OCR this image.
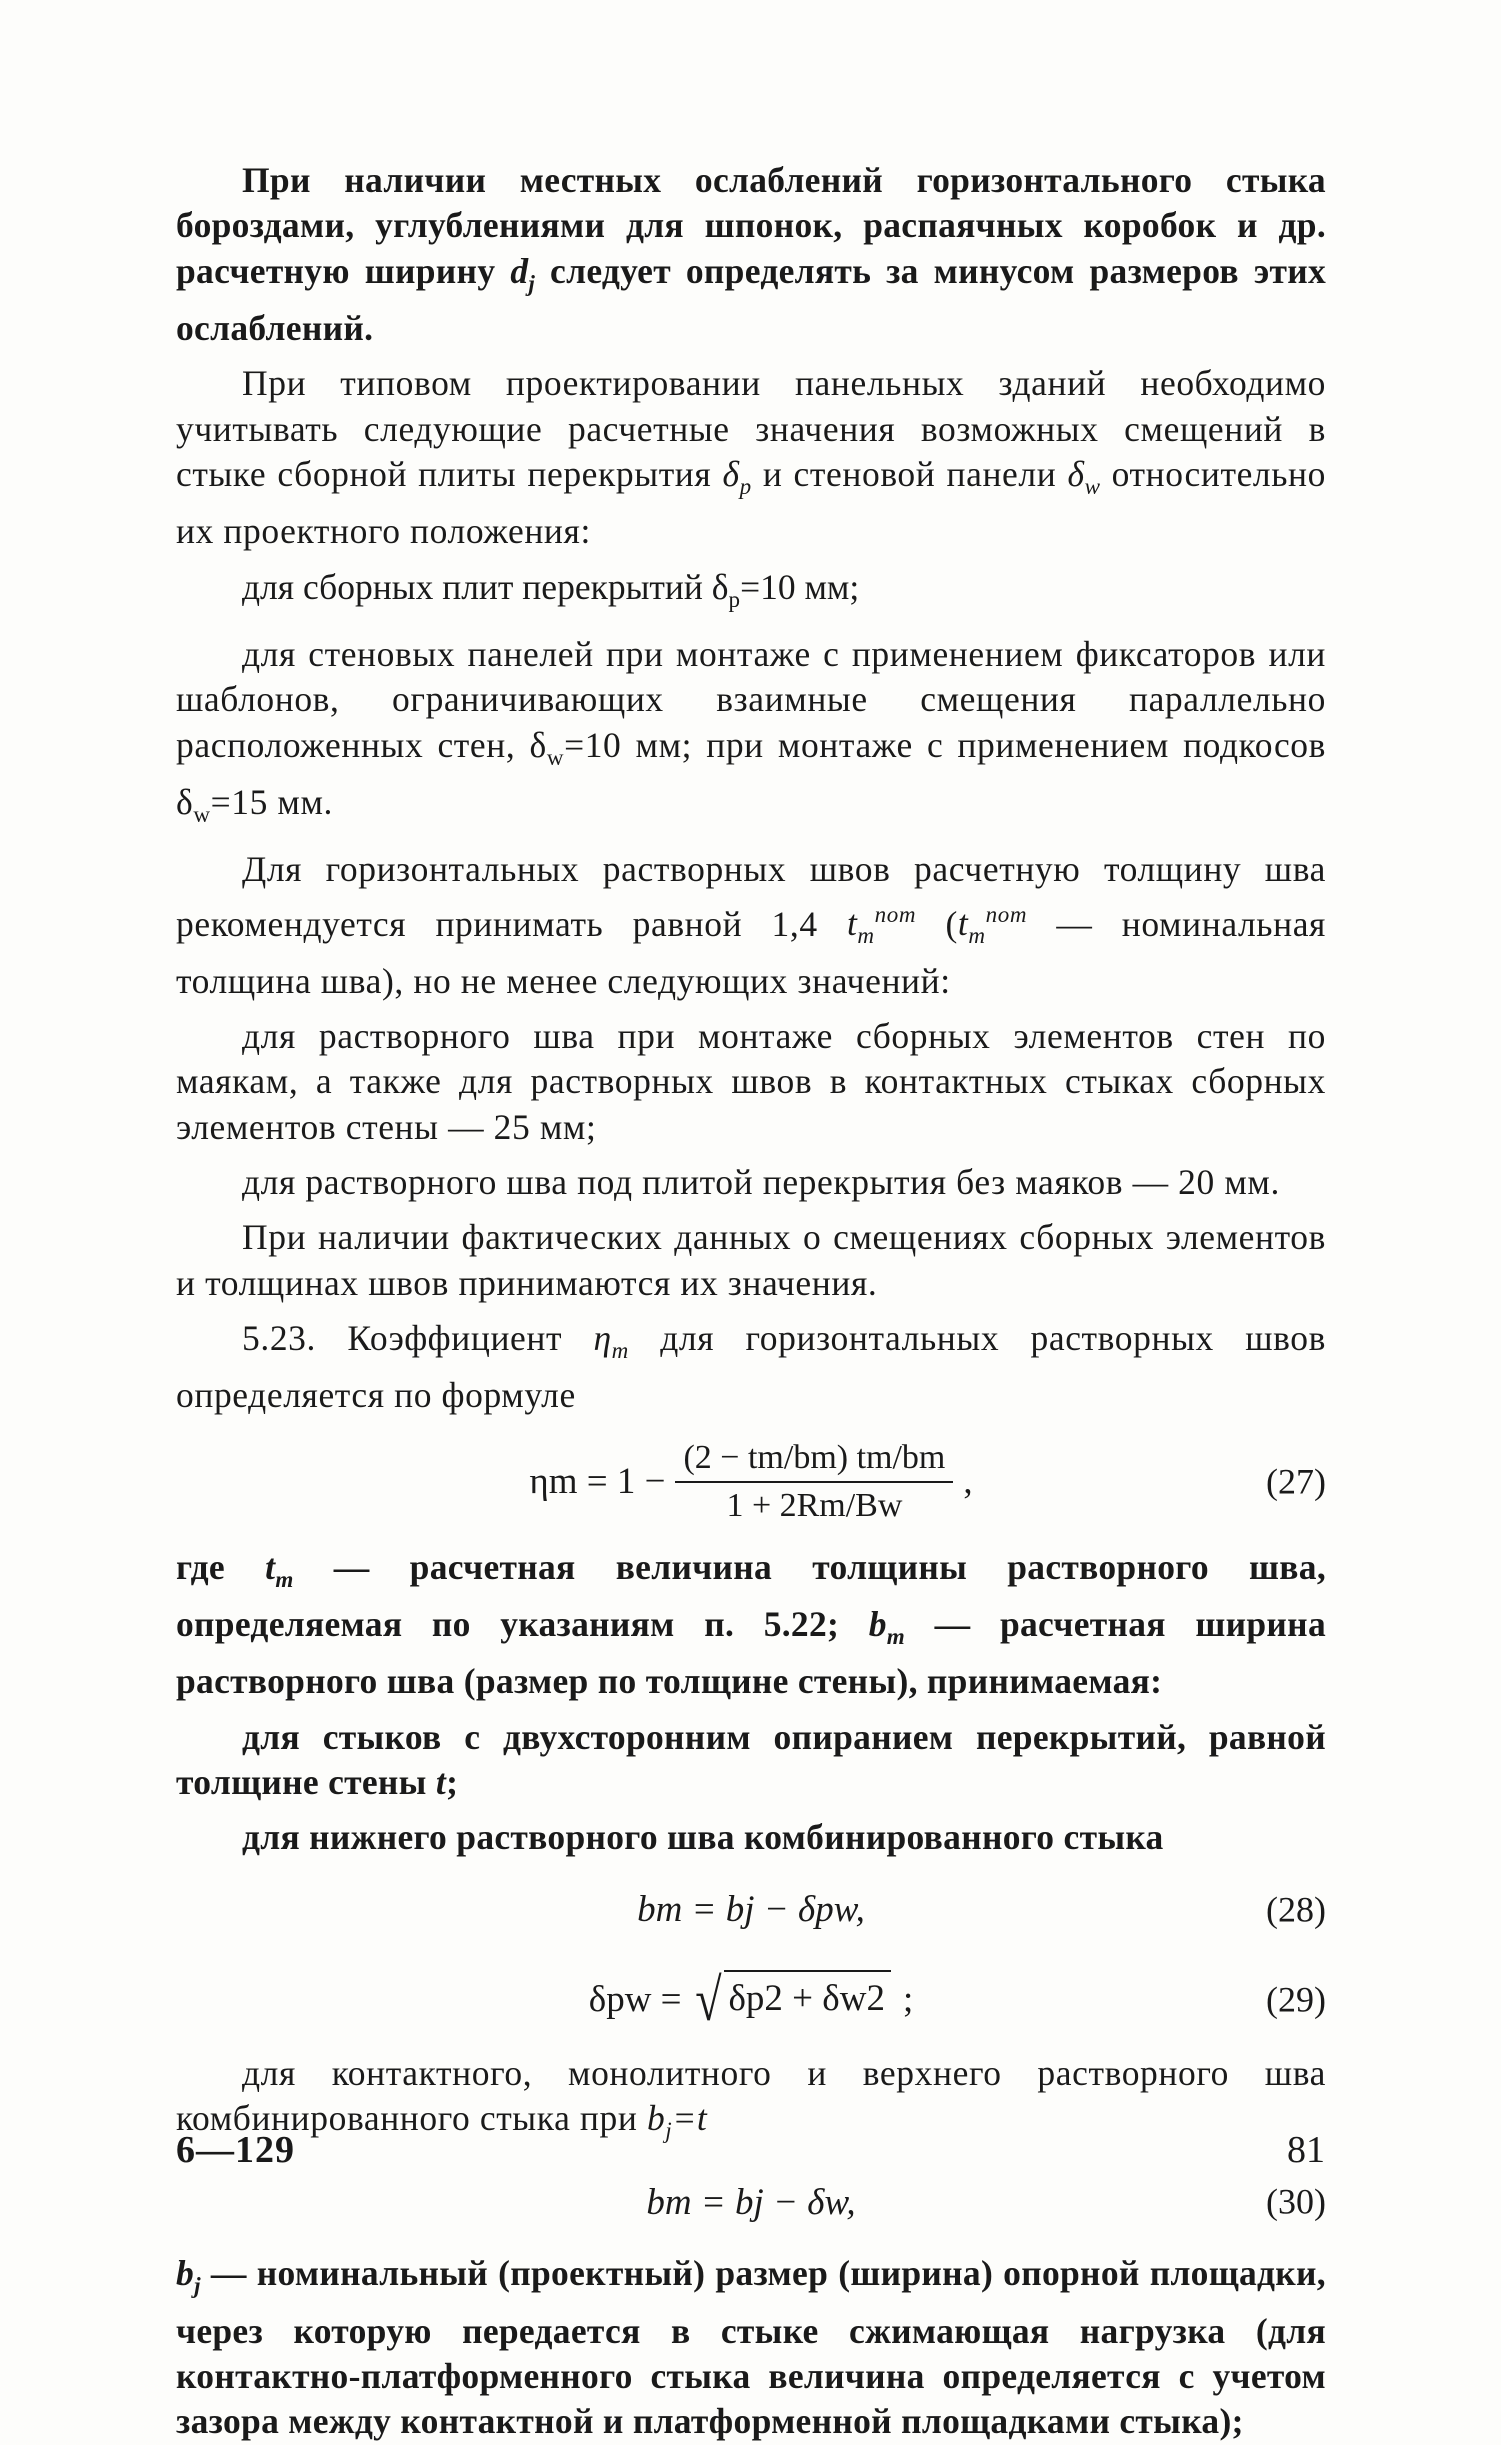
При наличии местных ослаблений горизонтального стыка бороздами, углублениями для шпонок, распаячных коробок и др. расчетную ширину $d_j$ следует определять за минусом размеров этих ослаблений.

При типовом проектировании панельных зданий необходимо учитывать следующие расчетные значения возможных смещений в стыке сборной плиты перекрытия $\delta_p$ и стеновой панели $\delta_w$ относительно их проектного положения:

для сборных плит перекрытий $\delta_p=10$ мм;

для стеновых панелей при монтаже с применением фиксаторов или шаблонов, ограничивающих взаимные смещения параллельно расположенных стен, $\delta_w=10$ мм; при монтаже с применением подкосов $\delta_w=15$ мм.

Для горизонтальных растворных швов расчетную толщину шва рекомендуется принимать равной 1,4 $t_m^{nom}$ ($t_m^{nom}$ — номинальная толщина шва), но не менее следующих значений:

для растворного шва при монтаже сборных элементов стен по маякам, а также для растворных швов в контактных стыках сборных элементов стены — 25 мм;

для растворного шва под плитой перекрытия без маяков — 20 мм.

При наличии фактических данных о смещениях сборных элементов и толщинах швов принимаются их значения.

5.23. Коэффициент $\eta_m$ для горизонтальных растворных швов определяется по формуле

$\eta m = 1 - \frac{(2 - tm/bm) tm/bm}{1 + 2Rm/Bw}$ ,	(27)

где $t_m$ — расчетная величина толщины растворного шва, определяемая по указаниям п. 5.22; $b_m$ — расчетная ширина растворного шва (размер по толщине стены), принимаемая:

для стыков с двухсторонним опиранием перекрытий, равной толщине стены t;

для нижнего растворного шва комбинированного стыка

bm = bj − δpw,	(28)
δpw = √ δp2 + δw2 ;	(29)

для контактного, монолитного и верхнего растворного шва комбинированного стыка при $b_j=t$

bm = bj − δw,	(30)

$b_j$ — номинальный (проектный) размер (ширина) опорной площадки, через которую передается в стыке сжимающая нагрузка (для контактно-платформенного стыка величина определяется с учетом зазора между контактной и платформенной площадками стыка);

6—129	81
